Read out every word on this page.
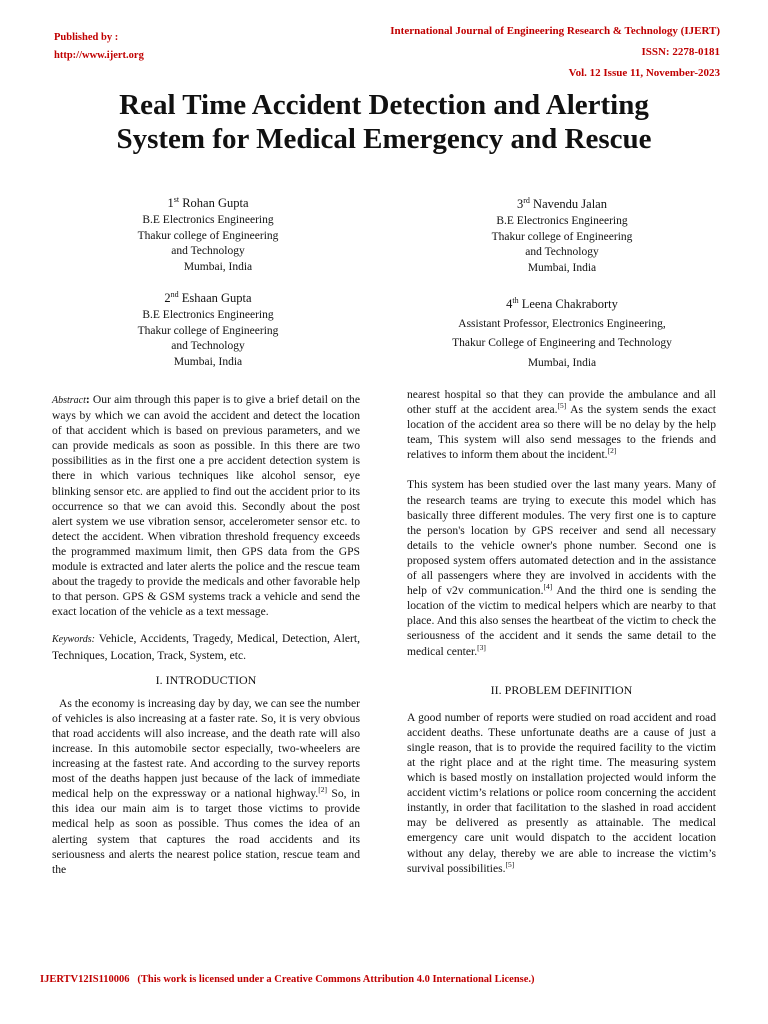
Published by :
http://www.ijert.org
International Journal of Engineering Research & Technology (IJERT)
ISSN: 2278-0181
Vol. 12 Issue 11, November-2023
Real Time Accident Detection and Alerting
System for Medical Emergency and Rescue
1st Rohan Gupta
B.E Electronics Engineering
Thakur college of Engineering
and Technology
Mumbai, India
2nd Eshaan Gupta
B.E Electronics Engineering
Thakur college of Engineering
and Technology
Mumbai, India
3rd Navendu Jalan
B.E Electronics Engineering
Thakur college of Engineering
and Technology
Mumbai, India
4th Leena Chakraborty
Assistant Professor, Electronics Engineering,
Thakur College of Engineering and Technology
Mumbai, India

Abstract: Our aim through this paper is to give a brief detail on the ways by which we can avoid the accident and detect the location of that accident which is based on previous parameters, and we can provide medicals as soon as possible. In this there are two possibilities as in the first one a pre accident detection system is there in which various techniques like alcohol sensor, eye blinking sensor etc. are applied to find out the accident prior to its occurrence so that we can avoid this. Secondly about the post alert system we use vibration sensor, accelerometer sensor etc. to detect the accident. When vibration threshold frequency exceeds the programmed maximum limit, then GPS data from the GPS module is extracted and later alerts the police and the rescue team about the tragedy to provide the medicals and other favorable help to that person. GPS & GSM systems track a vehicle and send the exact location of the vehicle as a text message.

Keywords: Vehicle, Accidents, Tragedy, Medical, Detection, Alert, Techniques, Location, Track, System, etc.

I. INTRODUCTION

As the economy is increasing day by day, we can see the number of vehicles is also increasing at a faster rate. So, it is very obvious that road accidents will also increase, and the death rate will also increase. In this automobile sector especially, two-wheelers are increasing at the fastest rate. And according to the survey reports most of the deaths happen just because of the lack of immediate medical help on the expressway or a national highway.[2] So, in this idea our main aim is to target those victims to provide medical help as soon as possible. Thus comes the idea of an alerting system that captures the road accidents and its seriousness and alerts the nearest police station, rescue team and the

nearest hospital so that they can provide the ambulance and all other stuff at the accident area.[5] As the system sends the exact location of the accident area so there will be no delay by the help team, This system will also send messages to the friends and relatives to inform them about the incident.[2]

This system has been studied over the last many years. Many of the research teams are trying to execute this model which has basically three different modules. The very first one is to capture the person's location by GPS receiver and send all necessary details to the vehicle owner's phone number. Second one is proposed system offers automated detection and in the assistance of all passengers where they are involved in accidents with the help of v2v communication.[4] And the third one is sending the location of the victim to medical helpers which are nearby to that place. And this also senses the heartbeat of the victim to check the seriousness of the accident and it sends the same detail to the medical center.[3]

II. PROBLEM DEFINITION

A good number of reports were studied on road accident and road accident deaths. These unfortunate deaths are a cause of just a single reason, that is to provide the required facility to the victim at the right place and at the right time. The measuring system which is based mostly on installation projected would inform the accident victim’s relations or police room concerning the accident instantly, in order that facilitation to the slashed in road accident may be delivered as presently as attainable. The medical emergency care unit would dispatch to the accident location without any delay, thereby we are able to increase the victim’s survival possibilities.[5]

IJERTV12IS110006 (This work is licensed under a Creative Commons Attribution 4.0 International License.)
